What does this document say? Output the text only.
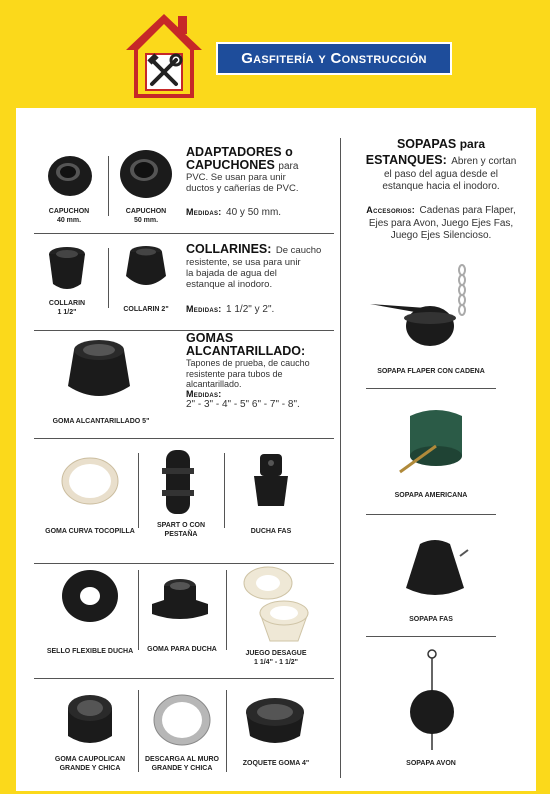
Gasfitería y Construcción
CAPUCHON
40 mm.
CAPUCHON
50 mm.
ADAPTADORES o
CAPUCHONES para
PVC. Se usan para unir
ductos y cañerías de PVC.
Medidas: 40 y 50 mm.
COLLARIN
1 1/2"	COLLARIN 2"
COLLARINES: De caucho
resistente, se usa para unir
la bajada de agua del
estanque al inodoro.
Medidas: 1 1/2" y 2".
GOMA ALCANTARILLADO 5"
GOMAS
ALCANTARILLADO:
Tapones de prueba, de caucho
resistente para tubos de
alcantarillado.
Medidas:
2" - 3" - 4" - 5" 6" - 7" - 8".
GOMA CURVA TOCOPILLA
SPART O CON
PESTAÑA	DUCHA FAS
SELLO FLEXIBLE DUCHA	GOMA PARA DUCHA
JUEGO DESAGUE
1 1/4" - 1 1/2"
GOMA CAUPOLICAN
GRANDE Y CHICA
DESCARGA AL MURO
GRANDE Y CHICA
ZOQUETE GOMA 4"
SOPAPAS para
ESTANQUES: Abren y cortan
el paso del agua desde el
estanque hacia el inodoro.
Accesorios: Cadenas para Flaper,
Ejes para Avon, Juego Ejes Fas,
Juego Ejes Silencioso.
SOPAPA FLAPER CON CADENA
SOPAPA AMERICANA
SOPAPA FAS
SOPAPA AVON
